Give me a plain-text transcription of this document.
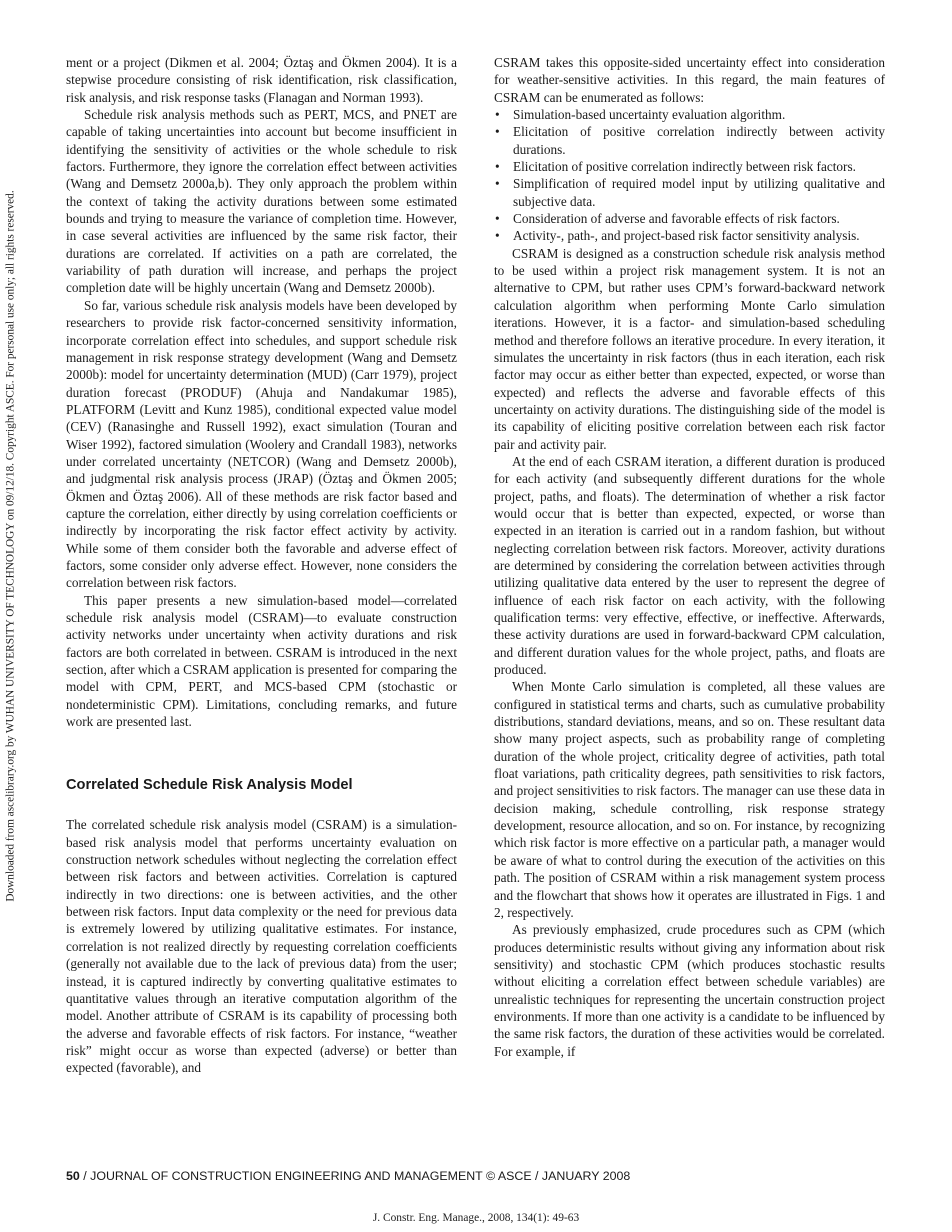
Downloaded from ascelibrary.org by WUHAN UNIVERSITY OF TECHNOLOGY on 09/12/18. Copyright ASCE. For personal use only; all rights reserved.

ment or a project (Dikmen et al. 2004; Öztaş and Ökmen 2004). It is a stepwise procedure consisting of risk identification, risk classification, risk analysis, and risk response tasks (Flanagan and Norman 1993).

Schedule risk analysis methods such as PERT, MCS, and PNET are capable of taking uncertainties into account but become insufficient in identifying the sensitivity of activities or the whole schedule to risk factors. Furthermore, they ignore the correlation effect between activities (Wang and Demsetz 2000a,b). They only approach the problem within the context of taking the activity durations between some estimated bounds and trying to measure the variance of completion time. However, in case several activities are influenced by the same risk factor, their durations are correlated. If activities on a path are correlated, the variability of path duration will increase, and perhaps the project completion date will be highly uncertain (Wang and Demsetz 2000b).

So far, various schedule risk analysis models have been developed by researchers to provide risk factor-concerned sensitivity information, incorporate correlation effect into schedules, and support schedule risk management in risk response strategy development (Wang and Demsetz 2000b): model for uncertainty determination (MUD) (Carr 1979), project duration forecast (PRODUF) (Ahuja and Nandakumar 1985), PLATFORM (Levitt and Kunz 1985), conditional expected value model (CEV) (Ranasinghe and Russell 1992), exact simulation (Touran and Wiser 1992), factored simulation (Woolery and Crandall 1983), networks under correlated uncertainty (NETCOR) (Wang and Demsetz 2000b), and judgmental risk analysis process (JRAP) (Öztaş and Ökmen 2005; Ökmen and Öztaş 2006). All of these methods are risk factor based and capture the correlation, either directly by using correlation coefficients or indirectly by incorporating the risk factor effect activity by activity. While some of them consider both the favorable and adverse effect of factors, some consider only adverse effect. However, none considers the correlation between risk factors.

This paper presents a new simulation-based model—correlated schedule risk analysis model (CSRAM)—to evaluate construction activity networks under uncertainty when activity durations and risk factors are both correlated in between. CSRAM is introduced in the next section, after which a CSRAM application is presented for comparing the model with CPM, PERT, and MCS-based CPM (stochastic or nondeterministic CPM). Limitations, concluding remarks, and future work are presented last.

Correlated Schedule Risk Analysis Model

The correlated schedule risk analysis model (CSRAM) is a simulation-based risk analysis model that performs uncertainty evaluation on construction network schedules without neglecting the correlation effect between risk factors and between activities. Correlation is captured indirectly in two directions: one is between activities, and the other between risk factors. Input data complexity or the need for previous data is extremely lowered by utilizing qualitative estimates. For instance, correlation is not realized directly by requesting correlation coefficients (generally not available due to the lack of previous data) from the user; instead, it is captured indirectly by converting qualitative estimates to quantitative values through an iterative computation algorithm of the model. Another attribute of CSRAM is its capability of processing both the adverse and favorable effects of risk factors. For instance, “weather risk” might occur as worse than expected (adverse) or better than expected (favorable), and

CSRAM takes this opposite-sided uncertainty effect into consideration for weather-sensitive activities. In this regard, the main features of CSRAM can be enumerated as follows:

• Simulation-based uncertainty evaluation algorithm.
• Elicitation of positive correlation indirectly between activity durations.
• Elicitation of positive correlation indirectly between risk factors.
• Simplification of required model input by utilizing qualitative and subjective data.
• Consideration of adverse and favorable effects of risk factors.
• Activity-, path-, and project-based risk factor sensitivity analysis.

CSRAM is designed as a construction schedule risk analysis method to be used within a project risk management system. It is not an alternative to CPM, but rather uses CPM’s forward-backward network calculation algorithm when performing Monte Carlo simulation iterations. However, it is a factor- and simulation-based scheduling method and therefore follows an iterative procedure. In every iteration, it simulates the uncertainty in risk factors (thus in each iteration, each risk factor may occur as either better than expected, expected, or worse than expected) and reflects the adverse and favorable effects of this uncertainty on activity durations. The distinguishing side of the model is its capability of eliciting positive correlation between each risk factor pair and activity pair.

At the end of each CSRAM iteration, a different duration is produced for each activity (and subsequently different durations for the whole project, paths, and floats). The determination of whether a risk factor would occur that is better than expected, expected, or worse than expected in an iteration is carried out in a random fashion, but without neglecting correlation between risk factors. Moreover, activity durations are determined by considering the correlation between activities through utilizing qualitative data entered by the user to represent the degree of influence of each risk factor on each activity, with the following qualification terms: very effective, effective, or ineffective. Afterwards, these activity durations are used in forward-backward CPM calculation, and different duration values for the whole project, paths, and floats are produced.

When Monte Carlo simulation is completed, all these values are configured in statistical terms and charts, such as cumulative probability distributions, standard deviations, means, and so on. These resultant data show many project aspects, such as probability range of completing duration of the whole project, criticality degree of activities, path total float variations, path criticality degrees, path sensitivities to risk factors, and project sensitivities to risk factors. The manager can use these data in decision making, schedule controlling, risk response strategy development, resource allocation, and so on. For instance, by recognizing which risk factor is more effective on a particular path, a manager would be aware of what to control during the execution of the activities on this path. The position of CSRAM within a risk management system process and the flowchart that shows how it operates are illustrated in Figs. 1 and 2, respectively.

As previously emphasized, crude procedures such as CPM (which produces deterministic results without giving any information about risk sensitivity) and stochastic CPM (which produces stochastic results without eliciting a correlation effect between schedule variables) are unrealistic techniques for representing the uncertain construction project environments. If more than one activity is a candidate to be influenced by the same risk factors, the duration of these activities would be correlated. For example, if

50 / JOURNAL OF CONSTRUCTION ENGINEERING AND MANAGEMENT © ASCE / JANUARY 2008
J. Constr. Eng. Manage., 2008, 134(1): 49-63
